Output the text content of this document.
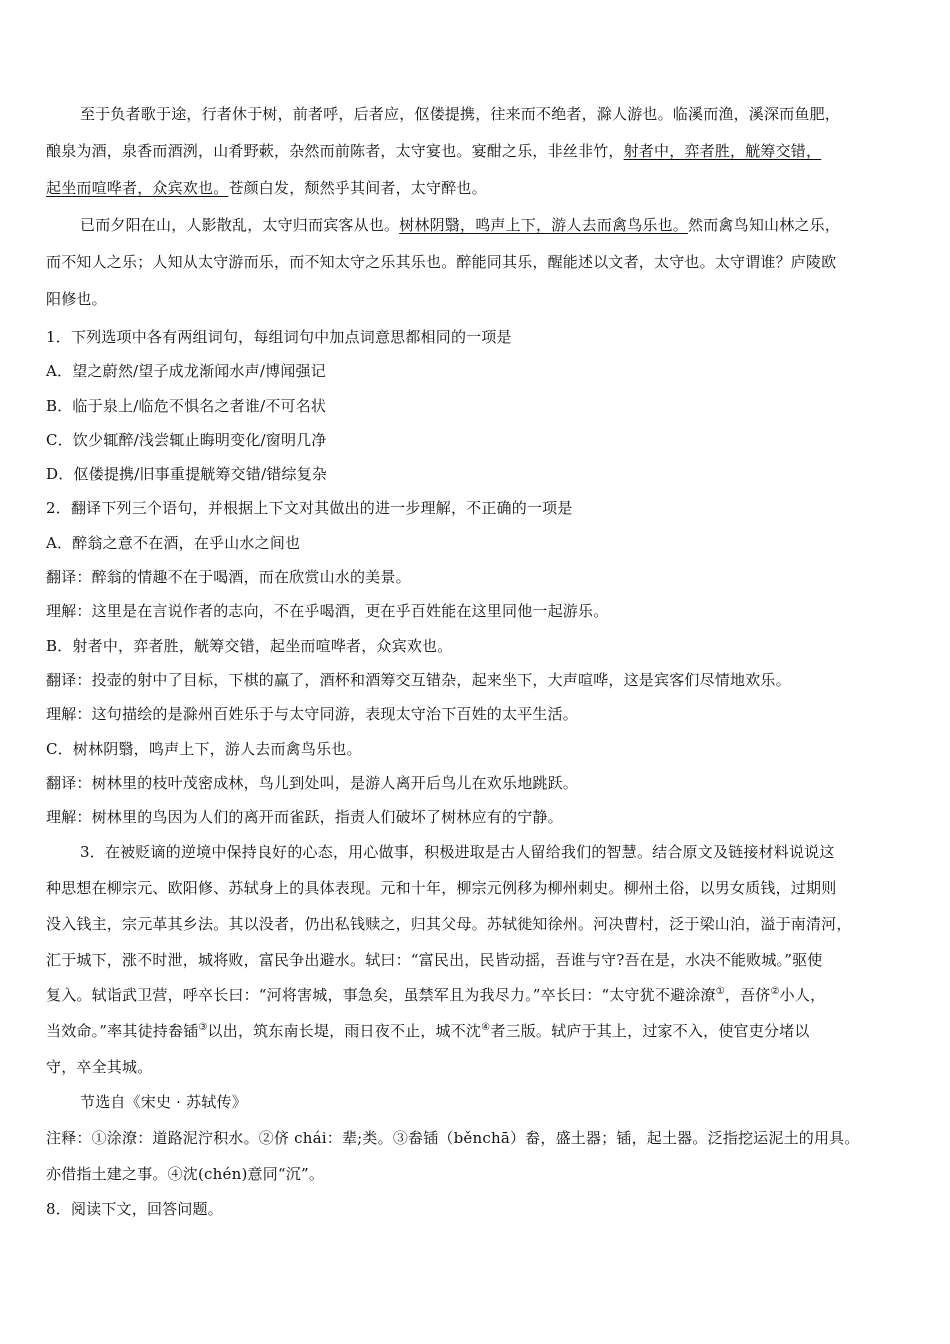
至于负者歌于途，行者休于树，前者呼，后者应，伛偻提携，往来而不绝者，滁人游也。临溪而渔，溪深而鱼肥，
酿泉为酒，泉香而酒洌，山肴野蔌，杂然而前陈者，太守宴也。宴酣之乐，非丝非竹，射者中，弈者胜，觥筹交错，
起坐而喧哗者，众宾欢也。苍颜白发，颓然乎其间者，太守醉也。
已而夕阳在山，人影散乱，太守归而宾客从也。树林阴翳，鸣声上下，游人去而禽鸟乐也。然而禽鸟知山林之乐，
而不知人之乐；人知从太守游而乐，而不知太守之乐其乐也。醉能同其乐，醒能述以文者，太守也。太守谓谁？庐陵欧
阳修也。
1．下列选项中各有两组词句，每组词句中加点词意思都相同的一项是
A．望之蔚然/望子成龙渐闻水声/博闻强记
B．临于泉上/临危不惧名之者谁/不可名状
C．饮少辄醉/浅尝辄止晦明变化/窗明几净
D．伛偻提携/旧事重提觥筹交错/错综复杂
2．翻译下列三个语句，并根据上下文对其做出的进一步理解，不正确的一项是
A．醉翁之意不在酒，在乎山水之间也
翻译：醉翁的情趣不在于喝酒，而在欣赏山水的美景。
理解：这里是在言说作者的志向，不在乎喝酒，更在乎百姓能在这里同他一起游乐。
B．射者中，弈者胜，觥筹交错，起坐而喧哗者，众宾欢也。
翻译：投壶的射中了目标，下棋的赢了，酒杯和酒筹交互错杂，起来坐下，大声喧哗，这是宾客们尽情地欢乐。
理解：这句描绘的是滁州百姓乐于与太守同游，表现太守治下百姓的太平生活。
C．树林阴翳，鸣声上下，游人去而禽鸟乐也。
翻译：树林里的枝叶茂密成林，鸟儿到处叫，是游人离开后鸟儿在欢乐地跳跃。
理解：树林里的鸟因为人们的离开而雀跃，指责人们破坏了树林应有的宁静。
3．在被贬谪的逆境中保持良好的心态，用心做事，积极进取是古人留给我们的智慧。结合原文及链接材料说说这
种思想在柳宗元、欧阳修、苏轼身上的具体表现。元和十年，柳宗元例移为柳州刺史。柳州土俗，以男女质钱，过期则
没入钱主，宗元革其乡法。其以没者，仍出私钱赎之，归其父母。苏轼徙知徐州。河决曹村，泛于梁山泊，溢于南清河，
汇于城下，涨不时泄，城将败，富民争出避水。轼曰：“富民出，民皆动摇，吾谁与守?吾在是，水决不能败城。”驱使
复入。轼诣武卫营，呼卒长曰：“河将害城，事急矣，虽禁军且为我尽力。”卒长曰：“太守犹不避涂潦①，吾侪②小人，
当效命。”率其徒持畚锸③以出，筑东南长堤，雨日夜不止，城不沈④者三版。轼庐于其上，过家不入，使官吏分堵以
守，卒全其城。
节选自《宋史 · 苏轼传》
注释：①涂潦：道路泥泞积水。②侪 chái：辈;类。③畚锸（běnchā）畚，盛土器；锸，起土器。泛指挖运泥土的用具。
亦借指土建之事。④沈(chén)意同“沉”。
8．阅读下文，回答问题。
